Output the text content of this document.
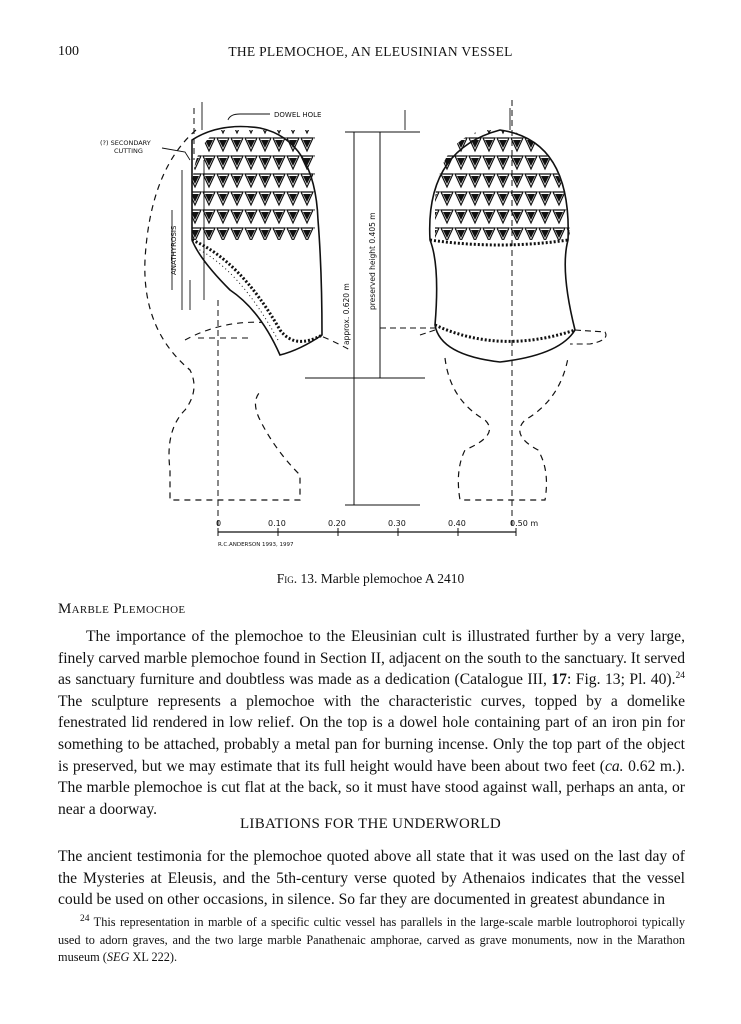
100	THE PLEMOCHOE, AN ELEUSINIAN VESSEL
DOWEL HOLE
(?) SECONDARY
CUTTING
ANATHYROSIS
approx. 0.620 m
preserved height 0.405 m
0	0.10	0.20	0.30	0.40	0.50 m
R.C.ANDERSON 1993, 1997
Fig. 13. Marble plemochoe A 2410
Marble Plemochoe

The importance of the plemochoe to the Eleusinian cult is illustrated further by a very large, finely carved marble plemochoe found in Section II, adjacent on the south to the sanctuary. It served as sanctuary furniture and doubtless was made as a dedication (Catalogue III, 17: Fig. 13; Pl. 40).$^{24}$ The sculpture represents a plemochoe with the characteristic curves, topped by a domelike fenestrated lid rendered in low relief. On the top is a dowel hole containing part of an iron pin for something to be attached, probably a metal pan for burning incense. Only the top part of the object is preserved, but we may estimate that its full height would have been about two feet (ca. 0.62 m.). The marble plemochoe is cut flat at the back, so it must have stood against wall, perhaps an anta, or near a doorway.

LIBATIONS FOR THE UNDERWORLD

The ancient testimonia for the plemochoe quoted above all state that it was used on the last day of the Mysteries at Eleusis, and the 5th-century verse quoted by Athenaios indicates that the vessel could be used on other occasions, in silence. So far they are documented in greatest abundance in

$^{24}$ This representation in marble of a specific cultic vessel has parallels in the large-scale marble loutrophoroi typically used to adorn graves, and the two large marble Panathenaic amphorae, carved as grave monuments, now in the Marathon museum (SEG XL 222).
